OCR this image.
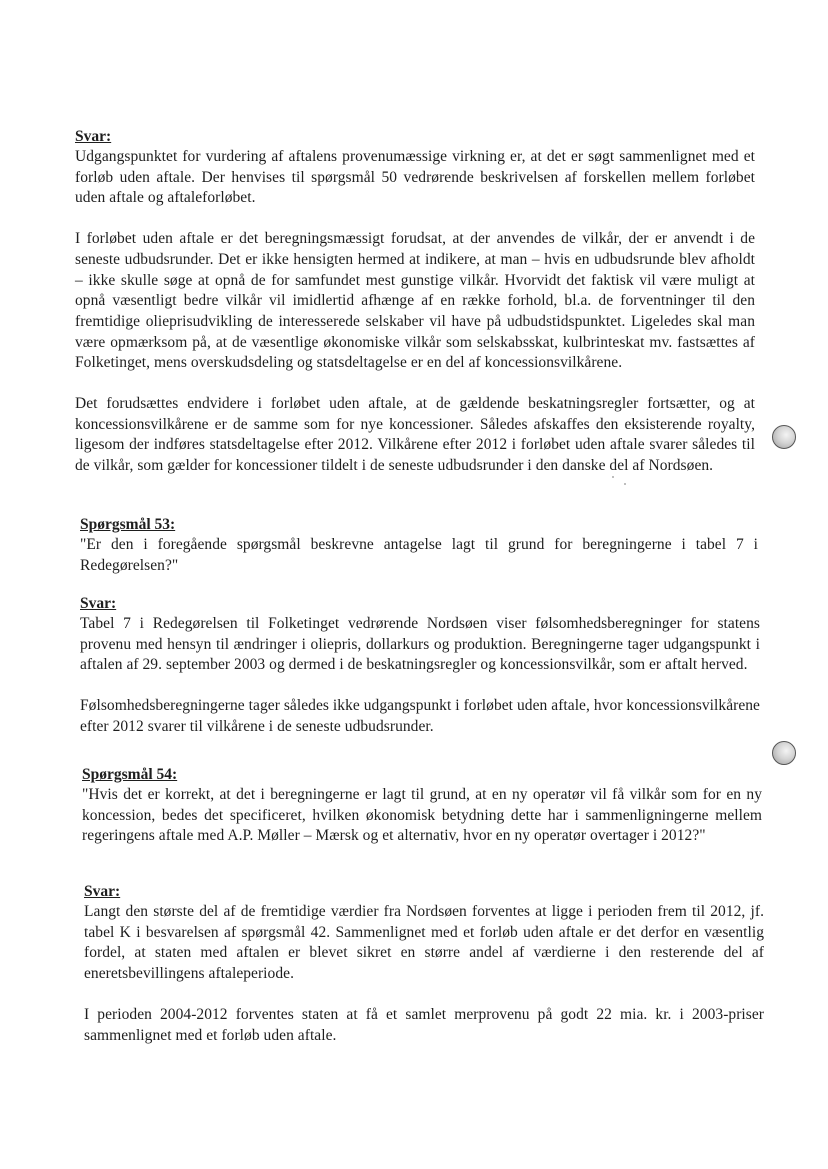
Svar:

Udgangspunktet for vurdering af aftalens provenumæssige virkning er, at det er søgt sammenlignet med et forløb uden aftale. Der henvises til spørgsmål 50 vedrørende beskrivelsen af forskellen mellem forløbet uden aftale og aftaleforløbet.

I forløbet uden aftale er det beregningsmæssigt forudsat, at der anvendes de vilkår, der er anvendt i de seneste udbudsrunder. Det er ikke hensigten hermed at indikere, at man – hvis en udbudsrunde blev afholdt – ikke skulle søge at opnå de for samfundet mest gunstige vilkår. Hvorvidt det faktisk vil være muligt at opnå væsentligt bedre vilkår vil imidlertid afhænge af en række forhold, bl.a. de forventninger til den fremtidige olieprisudvikling de interesserede selskaber vil have på udbudstidspunktet. Ligeledes skal man være opmærksom på, at de væsentlige økonomiske vilkår som selskabsskat, kulbrinteskat mv. fastsættes af Folketinget, mens overskudsdeling og statsdeltagelse er en del af koncessionsvilkårene.

Det forudsættes endvidere i forløbet uden aftale, at de gældende beskatningsregler fortsætter, og at koncessionsvilkårene er de samme som for nye koncessioner. Således afskaffes den eksisterende royalty, ligesom der indføres statsdeltagelse efter 2012. Vilkårene efter 2012 i forløbet uden aftale svarer således til de vilkår, som gælder for koncessioner tildelt i de seneste udbudsrunder i den danske del af Nordsøen.

Spørgsmål 53:

"Er den i foregående spørgsmål beskrevne antagelse lagt til grund for beregningerne i tabel 7 i Redegørelsen?"

Svar:

Tabel 7 i Redegørelsen til Folketinget vedrørende Nordsøen viser følsomhedsberegninger for statens provenu med hensyn til ændringer i oliepris, dollarkurs og produktion. Beregningerne tager udgangspunkt i aftalen af 29. september 2003 og dermed i de beskatningsregler og koncessionsvilkår, som er aftalt herved.

Følsomhedsberegningerne tager således ikke udgangspunkt i forløbet uden aftale, hvor koncessionsvilkårene efter 2012 svarer til vilkårene i de seneste udbudsrunder.

Spørgsmål 54:

"Hvis det er korrekt, at det i beregningerne er lagt til grund, at en ny operatør vil få vilkår som for en ny koncession, bedes det specificeret, hvilken økonomisk betydning dette har i sammenligningerne mellem regeringens aftale med A.P. Møller – Mærsk og et alternativ, hvor en ny operatør overtager i 2012?"

Svar:

Langt den største del af de fremtidige værdier fra Nordsøen forventes at ligge i perioden frem til 2012, jf. tabel K i besvarelsen af spørgsmål 42. Sammenlignet med et forløb uden aftale er det derfor en væsentlig fordel, at staten med aftalen er blevet sikret en større andel af værdierne i den resterende del af eneretsbevillingens aftaleperiode.

I perioden 2004-2012 forventes staten at få et samlet merprovenu på godt 22 mia. kr. i 2003-priser sammenlignet med et forløb uden aftale.
